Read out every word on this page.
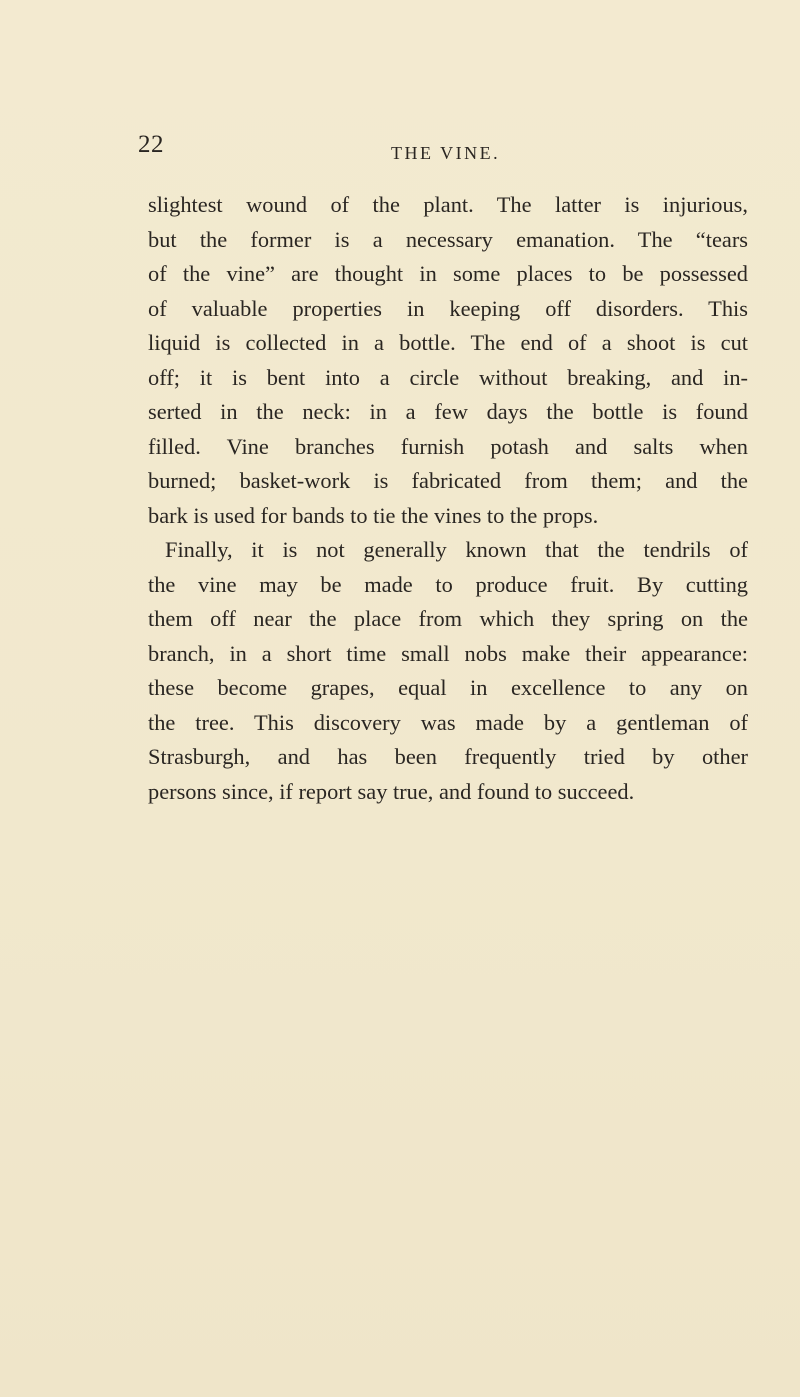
22	THE VINE.
slightest wound of the plant. The latter is injurious,
but the former is a necessary emanation. The “tears
of the vine” are thought in some places to be possessed
of valuable properties in keeping off disorders. This
liquid is collected in a bottle. The end of a shoot is cut
off; it is bent into a circle without breaking, and in-
serted in the neck: in a few days the bottle is found
filled. Vine branches furnish potash and salts when
burned; basket-work is fabricated from them; and the
bark is used for bands to tie the vines to the props.
Finally, it is not generally known that the tendrils of
the vine may be made to produce fruit. By cutting
them off near the place from which they spring on the
branch, in a short time small nobs make their appearance:
these become grapes, equal in excellence to any on
the tree. This discovery was made by a gentleman of
Strasburgh, and has been frequently tried by other
persons since, if report say true, and found to succeed.
